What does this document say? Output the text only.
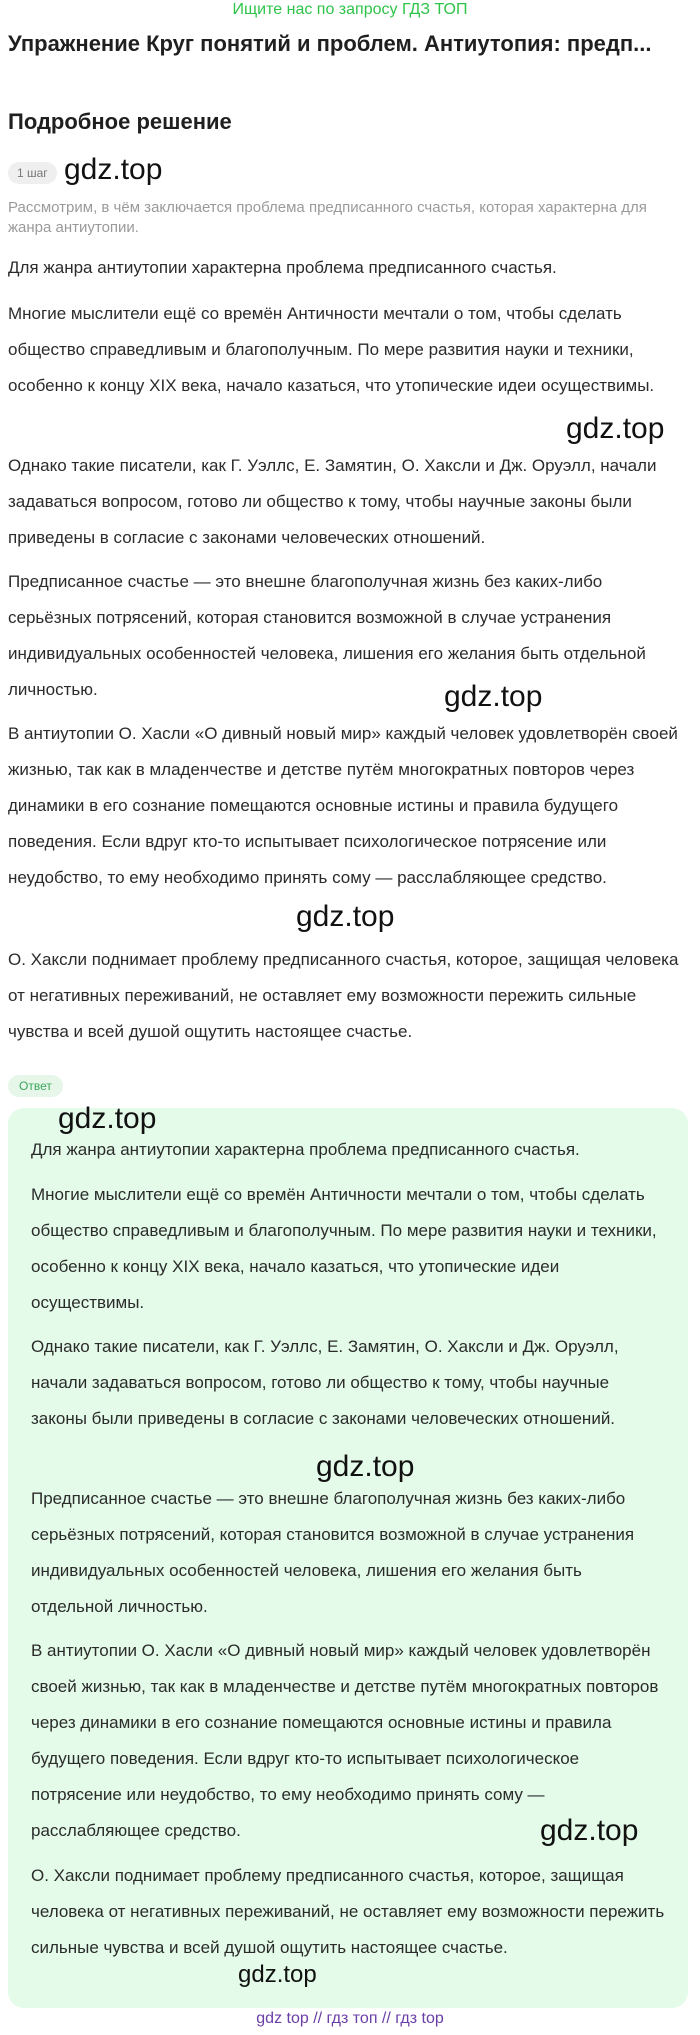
Ищите нас по запросу ГДЗ ТОП
Упражнение Круг понятий и проблем. Антиутопия: предп...
Подробное решение
1 шаг
Рассмотрим, в чём заключается проблема предписанного счастья, которая характерна для жанра антиутопии.

Для жанра антиутопии характерна проблема предписанного счастья.

Многие мыслители ещё со времён Античности мечтали о том, чтобы сделать общество справедливым и благополучным. По мере развития науки и техники, особенно к концу XIX века, начало казаться, что утопические идеи осуществимы.

Однако такие писатели, как Г. Уэллс, Е. Замятин, О. Хаксли и Дж. Оруэлл, начали задаваться вопросом, готово ли общество к тому, чтобы научные законы были приведены в согласие с законами человеческих отношений.

Предписанное счастье — это внешне благополучная жизнь без каких-либо серьёзных потрясений, которая становится возможной в случае устранения индивидуальных особенностей человека, лишения его желания быть отдельной личностью.

В антиутопии О. Хасли «О дивный новый мир» каждый человек удовлетворён своей жизнью, так как в младенчестве и детстве путём многократных повторов через динамики в его сознание помещаются основные истины и правила будущего поведения. Если вдруг кто-то испытывает психологическое потрясение или неудобство, то ему необходимо принять сому — расслабляющее средство.

О. Хаксли поднимает проблему предписанного счастья, которое, защищая человека от негативных переживаний, не оставляет ему возможности пережить сильные чувства и всей душой ощутить настоящее счастье.

Ответ

Для жанра антиутопии характерна проблема предписанного счастья.

Многие мыслители ещё со времён Античности мечтали о том, чтобы сделать общество справедливым и благополучным. По мере развития науки и техники, особенно к концу XIX века, начало казаться, что утопические идеи осуществимы.

Однако такие писатели, как Г. Уэллс, Е. Замятин, О. Хаксли и Дж. Оруэлл, начали задаваться вопросом, готово ли общество к тому, чтобы научные законы были приведены в согласие с законами человеческих отношений.

Предписанное счастье — это внешне благополучная жизнь без каких-либо серьёзных потрясений, которая становится возможной в случае устранения индивидуальных особенностей человека, лишения его желания быть отдельной личностью.

В антиутопии О. Хасли «О дивный новый мир» каждый человек удовлетворён своей жизнью, так как в младенчестве и детстве путём многократных повторов через динамики в его сознание помещаются основные истины и правила будущего поведения. Если вдруг кто-то испытывает психологическое потрясение или неудобство, то ему необходимо принять сому — расслабляющее средство.

О. Хаксли поднимает проблему предписанного счастья, которое, защищая человека от негативных переживаний, не оставляет ему возможности пережить сильные чувства и всей душой ощутить настоящее счастье.

gdz.top
gdz.top
gdz.top
gdz.top
gdz.top
gdz.top
gdz.top
gdz.top
gdz top // гдз топ // гдз top
